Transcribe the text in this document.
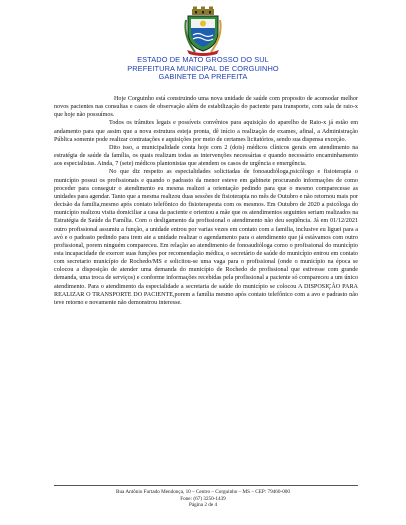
ESTADO DE MATO GROSSO DO SUL
PREFEITURA MUNICIPAL DE CORGUINHO
GABINETE DA PREFEITA

Hoje Corguinho está construindo uma nova unidade de saúde com proposito de acomodar melhor novos pacientes nas consultas e casos de observação além de estabilização do paciente para transporte, com sala de raio-x que hoje não possuímos.

Todos os trâmites legais e possíveis convênios para aquisição do aparelho de Raio-x já estão em andamento para que assim que a nova estrutura esteja pronta, dê início a realização de exames, afinal, a Administração Pública somente pode realizar contratações e aquisições por meio de certames licitatórios, sendo sua dispensa exceção.

Dito isso, a municipalidade conta hoje com 2 (dois) médicos clínicos gerais em atendimento na estratégia de saúde da família, os quais realizam todas as intervenções necessárias e quando necessário encaminhamento aos especialistas. Ainda, 7 (sete) médicos plantonistas que atendem os casos de urgência e emergência.

No que diz respeito as especialidades solicitadas de fonoaudióloga,psicólogo e fisioterapia o município possui os profissionais e quando o padrasto da menor esteve em gabinete procurando informações de como proceder para conseguir o atendimento eu mesma realizei a orientação pedindo para que o mesmo comparecesse as unidades para agendar. Tanto que a mesma realizou duas sessões de fisioterapia no mês de Outubro e não retornou mais por decisão da familia,mesmo após contato telefônico do fisioterapeuta com os mesmos. Em Outubro de 2020 a psicóloga do município realizou visita domiciliar a casa da paciente e orientou a mãe que os atendimentos seguintes seriam realizados na Estratégia de Saúde da Família. Com o desligamento da profissional o atendimento não deu seqüência. Já em 01/12/2021 outro profissional assumiu a função, a unidade entrou por varias vezes em contato com a familia, inclusive eu liguei para a avó e o padrasto pedindo para irem ate a unidade realizar o agendamento para o atendimento que já estávamos com outro profissional, porem ninguém compareceu. Em relação ao atendimento de fonoaudióloga como o profissional do município esta incapacidade de exercer suas funções por recomendação médica, o secretário de saúde do município entrou em contato com secretario município de Rochedo/MS e solicitou-se uma vaga para o profissional (onde o município na época se colocou a disposição de atender uma demanda do município de Rochedo de profissional que estivesse com grande demanda, uma troca de serviços) e conforme informações recebidas pela profissional a paciente só compareceu a um único atendimento. Para o atendimento da especialidade a secretaria de saúde do município se colocou A DISPOSIÇÃO PARA REALIZAR O TRANSPORTE DO PACIENTE,porem a família mesmo após contato telefônico com a avo e padrasto não teve retorno e novamente não demonstrou interesse.

Rua Antônio Furtado Mendonça, 10 – Centro – Corguinho – MS – CEP: 79460-000
Fone: (67) 3250-1439
Página 2 de 4
